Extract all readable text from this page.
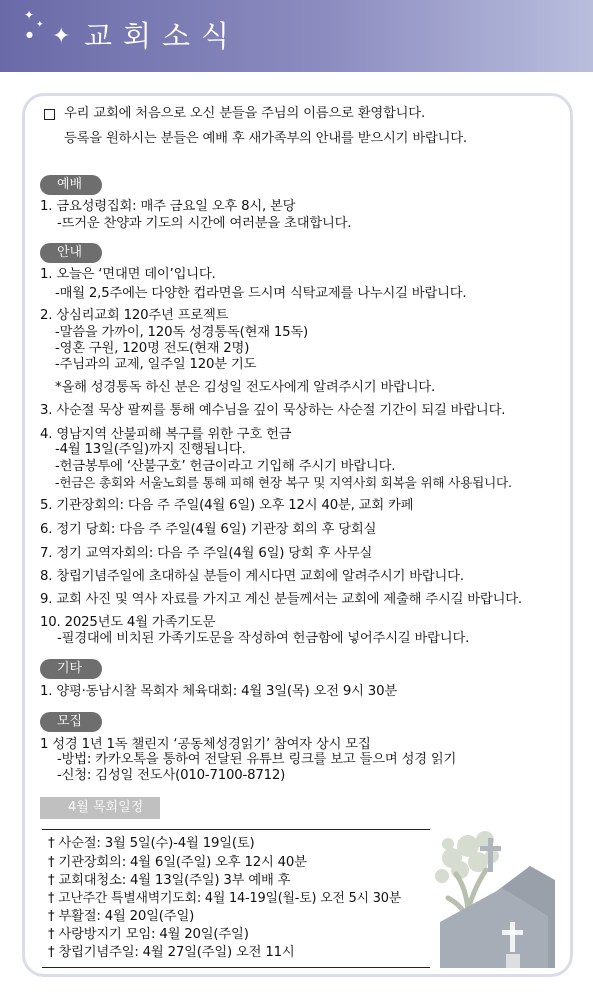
✦
✦
● ✦ 교회소식
우리 교회에 처음으로 오신 분들을 주님의 이름으로 환영합니다.
등록을 원하시는 분들은 예배 후 새가족부의 안내를 받으시기 바랍니다.
예배
1. 금요성령집회: 매주 금요일 오후 8시, 본당
-뜨거운 찬양과 기도의 시간에 여러분을 초대합니다.
안내
1. 오늘은 ‘면대면 데이’입니다.
-매월 2,5주에는 다양한 컵라면을 드시며 식탁교제를 나누시길 바랍니다.
2. 상심리교회 120주년 프로젝트
-말씀을 가까이, 120독 성경통독(현재 15독)
-영혼 구원, 120명 전도(현재 2명)
-주님과의 교제, 일주일 120분 기도
*올해 성경통독 하신 분은 김성일 전도사에게 알려주시기 바랍니다.
3. 사순절 묵상 팔찌를 통해 예수님을 깊이 묵상하는 사순절 기간이 되길 바랍니다.
4. 영남지역 산불피해 복구를 위한 구호 헌금
-4월 13일(주일)까지 진행됩니다.
-헌금봉투에 ‘산불구호’ 헌금이라고 기입해 주시기 바랍니다.
-헌금은 총회와 서울노회를 통해 피해 현장 복구 및 지역사회 회복을 위해 사용됩니다.
5. 기관장회의: 다음 주 주일(4월 6일) 오후 12시 40분, 교회 카페
6. 정기 당회: 다음 주 주일(4월 6일) 기관장 회의 후 당회실
7. 정기 교역자회의: 다음 주 주일(4월 6일) 당회 후 사무실
8. 창립기념주일에 초대하실 분들이 계시다면 교회에 알려주시기 바랍니다.
9. 교회 사진 및 역사 자료를 가지고 계신 분들께서는 교회에 제출해 주시길 바랍니다.
10. 2025년도 4월 가족기도문
-필경대에 비치된 가족기도문을 작성하여 헌금함에 넣어주시길 바랍니다.
기타
1. 양평·동남시찰 목회자 체육대회: 4월 3일(목) 오전 9시 30분
모집
1 성경 1년 1독 챌린지 ‘공동체성경읽기’ 참여자 상시 모집
-방법: 카카오톡을 통하여 전달된 유튜브 링크를 보고 들으며 성경 읽기
-신청: 김성일 전도사(010-7100-8712)
4월 목회일정
† 사순절: 3월 5일(수)-4월 19일(토)
† 기관장회의: 4월 6일(주일) 오후 12시 40분
† 교회대청소: 4월 13일(주일) 3부 예배 후
† 고난주간 특별새벽기도회: 4월 14-19일(월-토) 오전 5시 30분
† 부활절: 4월 20일(주일)
† 사랑방지기 모임: 4월 20일(주일)
† 창립기념주일: 4월 27일(주일) 오전 11시
